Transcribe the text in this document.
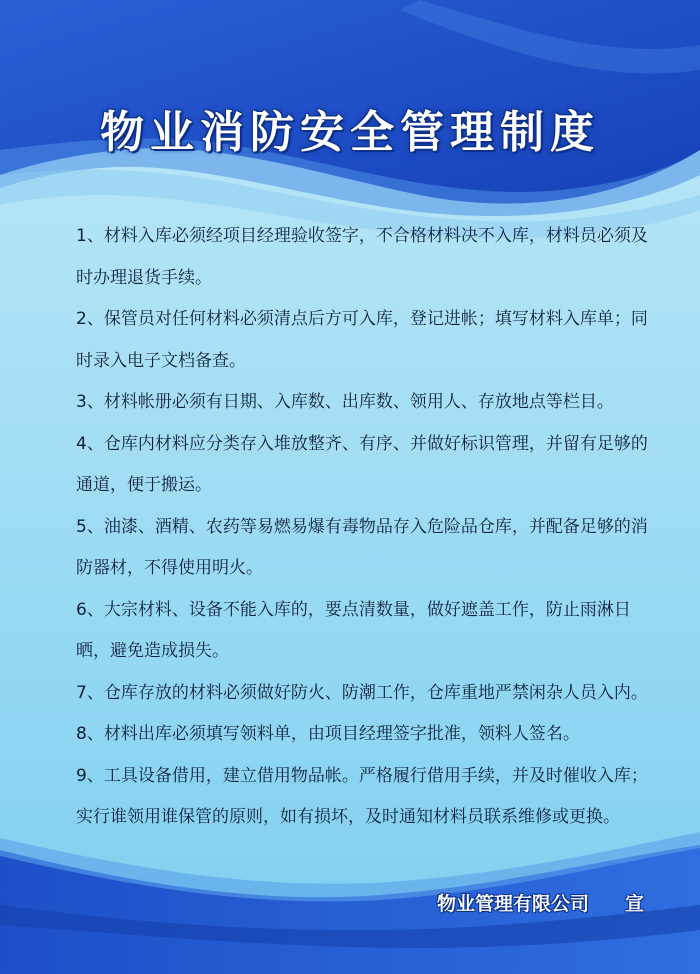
物业消防安全管理制度

1、材料入库必须经项目经理验收签字，不合格材料决不入库，材料员必须及时办理退货手续。

2、保管员对任何材料必须清点后方可入库，登记进帐；填写材料入库单；同时录入电子文档备查。

3、材料帐册必须有日期、入库数、出库数、领用人、存放地点等栏目。

4、仓库内材料应分类存入堆放整齐、有序、并做好标识管理，并留有足够的通道，便于搬运。

5、油漆、酒精、农药等易燃易爆有毒物品存入危险品仓库，并配备足够的消防器材，不得使用明火。

6、大宗材料、设备不能入库的，要点清数量，做好遮盖工作，防止雨淋日晒，避免造成损失。

7、仓库存放的材料必须做好防火、防潮工作，仓库重地严禁闲杂人员入内。

8、材料出库必须填写领料单，由项目经理签字批准，领料人签名。

9、工具设备借用，建立借用物品帐。严格履行借用手续，并及时催收入库；实行谁领用谁保管的原则，如有损坏，及时通知材料员联系维修或更换。

物业管理有限公司 宣
